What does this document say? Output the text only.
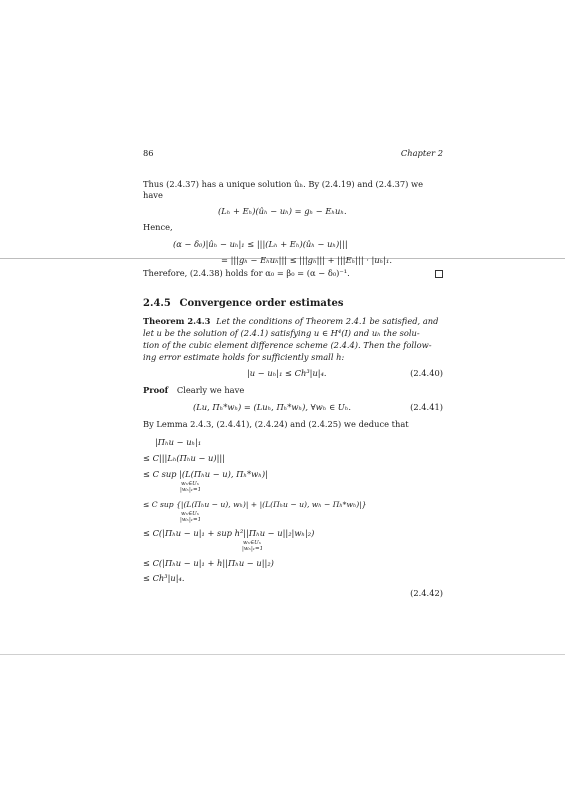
86	Chapter 2
Thus (2.4.37) has a unique solution ûₕ. By (2.4.19) and (2.4.37) we
have
(Lₕ + Eₕ)(ûₕ − uₕ) = gₕ − Eₕuₕ.
Hence,
(α − δ₀)|ûₕ − uₕ|₁ ≤ |||(Lₕ + Eₕ)(ûₕ − uₕ)|||
= |||gₕ − Eₕuₕ||| ≤ |||gₕ||| + |||Eₕ||| · |uₕ|₁.
Therefore, (2.4.38) holds for α₀ = β₀ = (α − δ₀)⁻¹.
2.4.5 Convergence order estimates
Theorem 2.4.3 Let the conditions of Theorem 2.4.1 be satisfied, and
let u be the solution of (2.4.1) satisfying u ∈ H⁴(I) and uₕ the solu-
tion of the cubic element difference scheme (2.4.4). Then the follow-
ing error estimate holds for sufficiently small h:
|u − uₕ|₁ ≤ Ch³|u|₄.	(2.4.40)
Proof Clearly we have
(Lu, Πₕ*wₕ) = (Luₕ, Πₕ*wₕ), ∀wₕ ∈ Uₕ.	(2.4.41)
By Lemma 2.4.3, (2.4.41), (2.4.24) and (2.4.25) we deduce that
|Πₕu − uₕ|₁
≤ C|||Lₕ(Πₕu − u)|||
≤ C sup |(L(Πₕu − u), Πₕ*wₕ)|
wₕ∈Uₕ
|wₕ|₁=1
≤ C sup {|(L(Πₕu − u), wₕ)| + |(L(Πₕu − u), wₕ − Πₕ*wₕ)|}
wₕ∈Uₕ
|wₕ|₁=1
≤ C(|Πₕu − u|₁ + sup h²||Πₕu − u||₂|wₕ|₂)
wₕ∈Uₕ
|wₕ|₁=1
≤ C(|Πₕu − u|₁ + h||Πₕu − u||₂)
≤ Ch³|u|₄.
(2.4.42)
